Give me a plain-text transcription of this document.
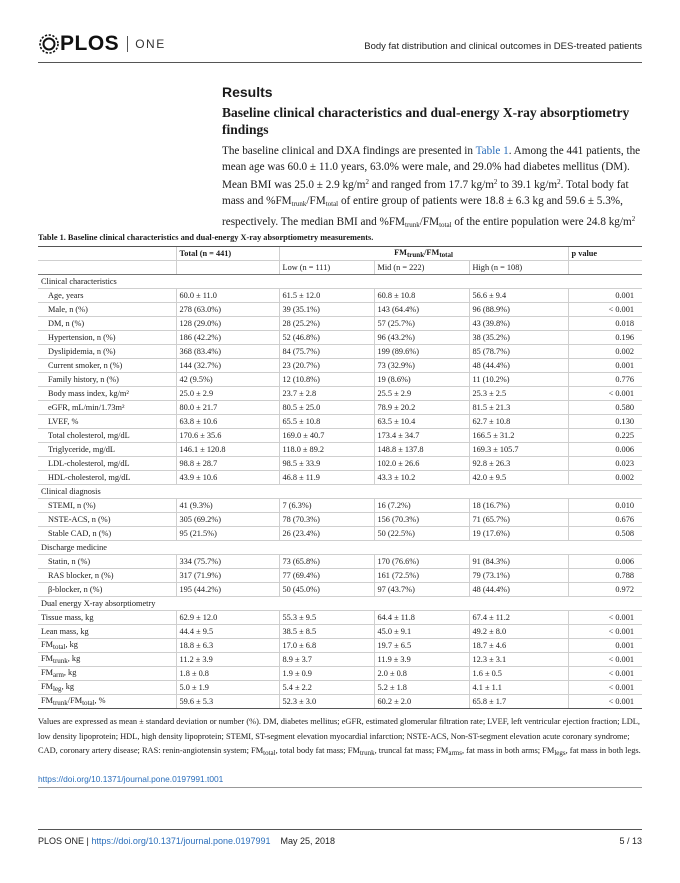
PLOS ONE	Body fat distribution and clinical outcomes in DES-treated patients
Results
Baseline clinical characteristics and dual-energy X-ray absorptiometry findings

The baseline clinical and DXA findings are presented in Table 1. Among the 441 patients, the mean age was 60.0 ± 11.0 years, 63.0% were male, and 29.0% had diabetes mellitus (DM). Mean BMI was 25.0 ± 2.9 $kg/m^2$ and ranged from 17.7 $kg/m^2$ to 39.1 $kg/m^2$. Total body fat mass and $\%FM_{trunk}/FM_{total}$ of entire group of patients were 18.8 ± 6.3 kg and 59.6 ± 5.3%, respectively. The median BMI and $\%FM_{trunk}/FM_{total}$ of the entire population were 24.8 $kg/m^2$

Table 1. Baseline clinical characteristics and dual-energy X-ray absorptiometry measurements.
	Total (n = 441)	$FM_{trunk}/FM_{total}$			p value
		Low (n = 111)	Mid (n = 222)	High (n = 108)	
Clinical characteristics					
Age, years	60.0 ± 11.0	61.5 ± 12.0	60.8 ± 10.8	56.6 ± 9.4	0.001
Male, n (%)	278 (63.0%)	39 (35.1%)	143 (64.4%)	96 (88.9%)	< 0.001
DM, n (%)	128 (29.0%)	28 (25.2%)	57 (25.7%)	43 (39.8%)	0.018
Hypertension, n (%)	186 (42.2%)	52 (46.8%)	96 (43.2%)	38 (35.2%)	0.196
Dyslipidemia, n (%)	368 (83.4%)	84 (75.7%)	199 (89.6%)	85 (78.7%)	0.002
Current smoker, n (%)	144 (32.7%)	23 (20.7%)	73 (32.9%)	48 (44.4%)	0.001
Family history, n (%)	42 (9.5%)	12 (10.8%)	19 (8.6%)	11 (10.2%)	0.776
Body mass index, kg/m²	25.0 ± 2.9	23.7 ± 2.8	25.5 ± 2.9	25.3 ± 2.5	< 0.001
eGFR, mL/min/1.73m²	80.0 ± 21.7	80.5 ± 25.0	78.9 ± 20.2	81.5 ± 21.3	0.580
LVEF, %	63.8 ± 10.6	65.5 ± 10.8	63.5 ± 10.4	62.7 ± 10.8	0.130
Total cholesterol, mg/dL	170.6 ± 35.6	169.0 ± 40.7	173.4 ± 34.7	166.5 ± 31.2	0.225
Triglyceride, mg/dL	146.1 ± 120.8	118.0 ± 89.2	148.8 ± 137.8	169.3 ± 105.7	0.006
LDL-cholesterol, mg/dL	98.8 ± 28.7	98.5 ± 33.9	102.0 ± 26.6	92.8 ± 26.3	0.023
HDL-cholesterol, mg/dL	43.9 ± 10.6	46.8 ± 11.9	43.3 ± 10.2	42.0 ± 9.5	0.002
Clinical diagnosis					
STEMI, n (%)	41 (9.3%)	7 (6.3%)	16 (7.2%)	18 (16.7%)	0.010
NSTE-ACS, n (%)	305 (69.2%)	78 (70.3%)	156 (70.3%)	71 (65.7%)	0.676
Stable CAD, n (%)	95 (21.5%)	26 (23.4%)	50 (22.5%)	19 (17.6%)	0.508
Discharge medicine					
Statin, n (%)	334 (75.7%)	73 (65.8%)	170 (76.6%)	91 (84.3%)	0.006
RAS blocker, n (%)	317 (71.9%)	77 (69.4%)	161 (72.5%)	79 (73.1%)	0.788
β-blocker, n (%)	195 (44.2%)	50 (45.0%)	97 (43.7%)	48 (44.4%)	0.972
Dual energy X-ray absorptiometry					
Tissue mass, kg	62.9 ± 12.0	55.3 ± 9.5	64.4 ± 11.8	67.4 ± 11.2	< 0.001
Lean mass, kg	44.4 ± 9.5	38.5 ± 8.5	45.0 ± 9.1	49.2 ± 8.0	< 0.001
$FM_{total}$, kg	18.8 ± 6.3	17.0 ± 6.8	19.7 ± 6.5	18.7 ± 4.6	0.001
$FM_{trunk}$, kg	11.2 ± 3.9	8.9 ± 3.7	11.9 ± 3.9	12.3 ± 3.1	< 0.001
$FM_{arm}$, kg	1.8 ± 0.8	1.9 ± 0.9	2.0 ± 0.8	1.6 ± 0.5	< 0.001
$FM_{leg}$, kg	5.0 ± 1.9	5.4 ± 2.2	5.2 ± 1.8	4.1 ± 1.1	< 0.001
$FM_{trunk}/FM_{total}$, %	59.6 ± 5.3	52.3 ± 3.0	60.2 ± 2.0	65.8 ± 1.7	< 0.001
Values are expressed as mean ± standard deviation or number (%). DM, diabetes mellitus; eGFR, estimated glomerular filtration rate; LVEF, left ventricular ejection fraction; LDL, low density lipoprotein; HDL, high density lipoprotein; STEMI, ST-segment elevation myocardial infarction; NSTE-ACS, Non-ST-segment elevation acute coronary syndrome; CAD, coronary artery disease; RAS: renin-angiotensin system; $FM_{total}$, total body fat mass; $FM_{trunk}$, truncal fat mass; $FM_{arms}$, fat mass in both arms; $FM_{legs}$, fat mass in both legs.
https://doi.org/10.1371/journal.pone.0197991.t001
PLOS ONE | https://doi.org/10.1371/journal.pone.0197991 May 25, 2018	5 / 13
